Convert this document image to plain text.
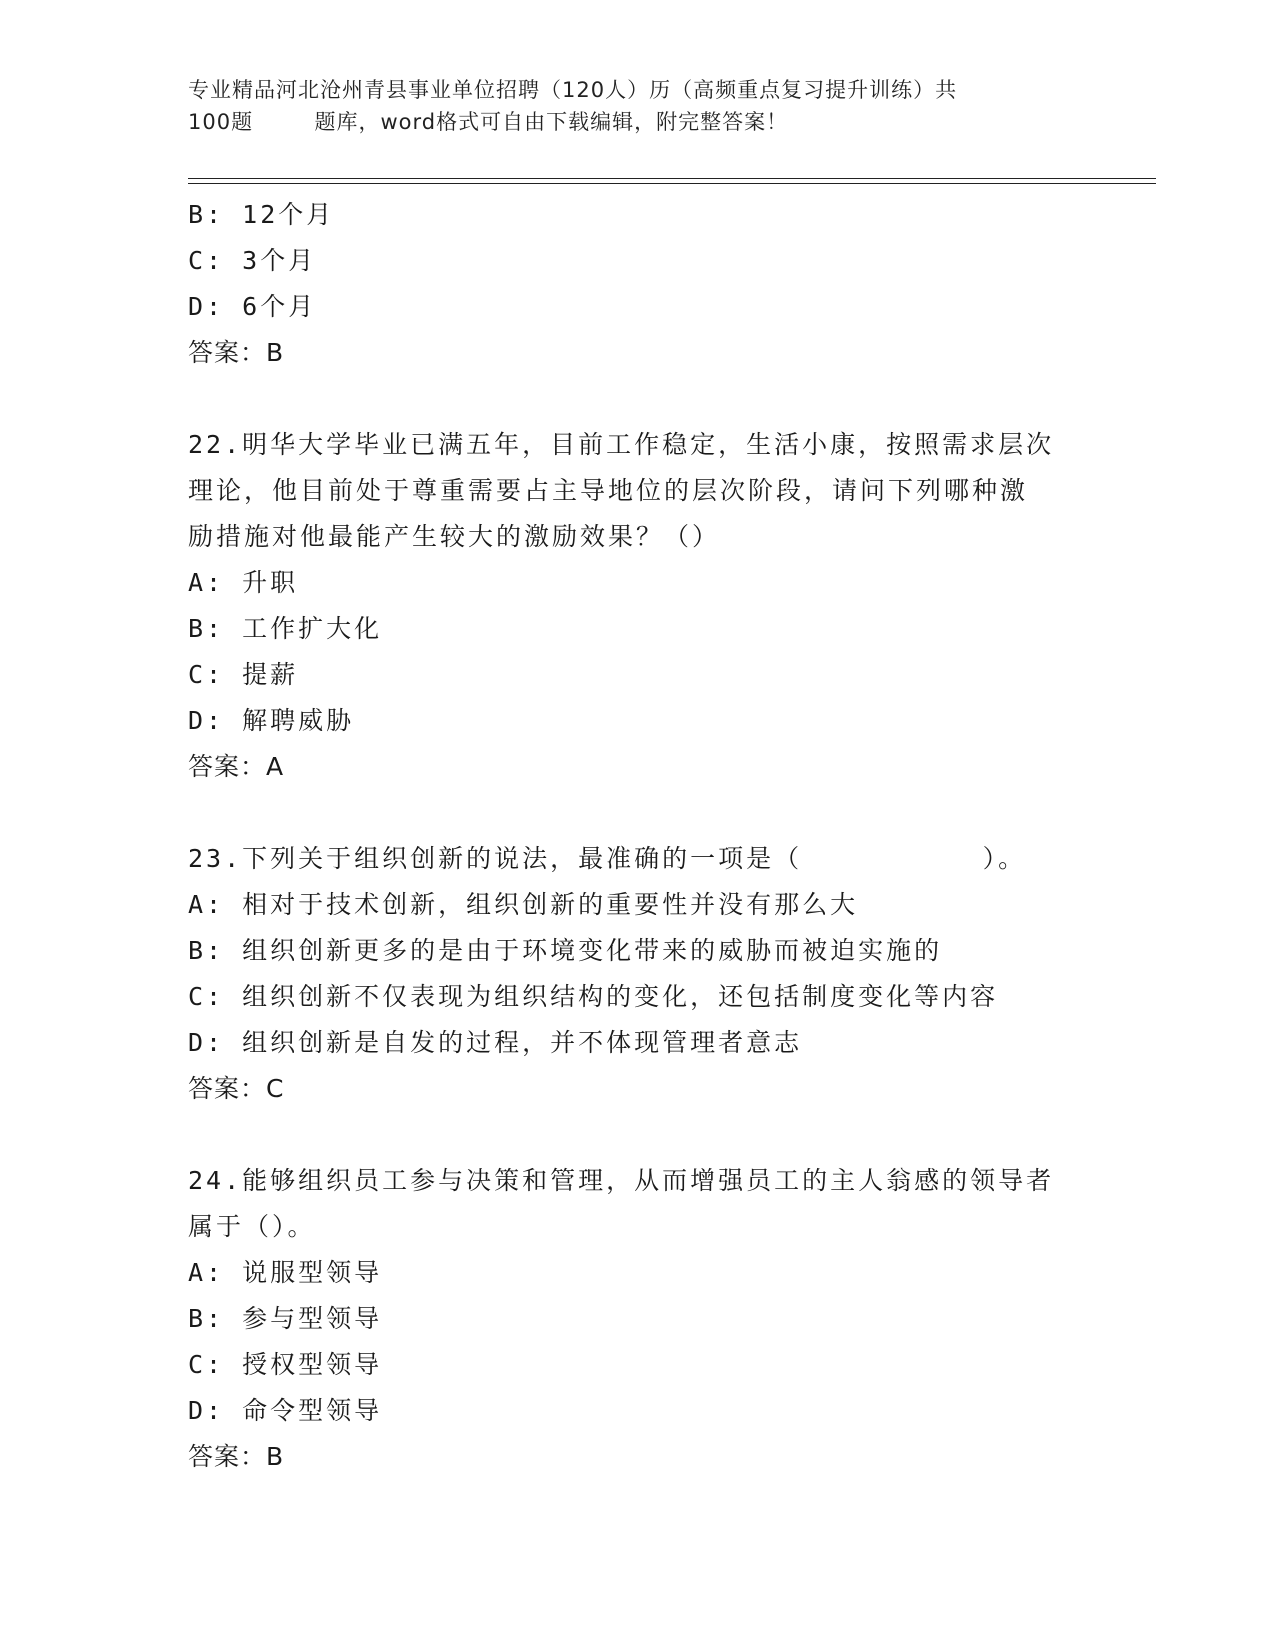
专业精品河北沧州青县事业单位招聘（120人）历（高频重点复习提升训练）共
100题        题库，word格式可自由下载编辑，附完整答案！
B: 12个月
C: 3个月
D: 6个月
答案：B
22.明华大学毕业已满五年，目前工作稳定，生活小康，按照需求层次
理论，他目前处于尊重需要占主导地位的层次阶段，请问下列哪种激
励措施对他最能产生较大的激励效果？（）
A: 升职
B: 工作扩大化
C: 提薪
D: 解聘威胁
答案：A
23.下列关于组织创新的说法，最准确的一项是（          ）。
A: 相对于技术创新，组织创新的重要性并没有那么大
B: 组织创新更多的是由于环境变化带来的威胁而被迫实施的
C: 组织创新不仅表现为组织结构的变化，还包括制度变化等内容
D: 组织创新是自发的过程，并不体现管理者意志
答案：C
24.能够组织员工参与决策和管理，从而增强员工的主人翁感的领导者
属于（）。
A: 说服型领导
B: 参与型领导
C: 授权型领导
D: 命令型领导
答案：B
